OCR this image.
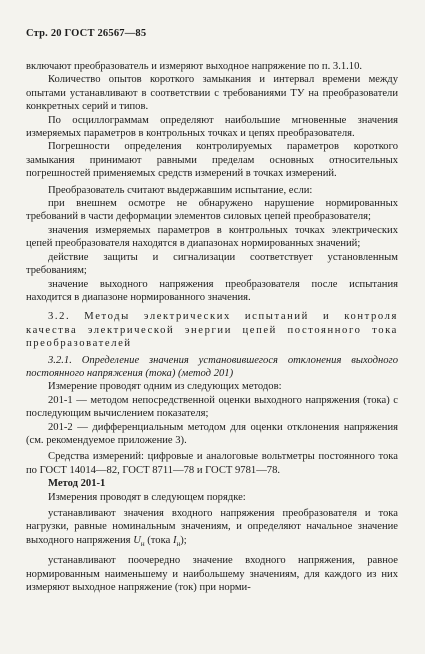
Стр. 20 ГОСТ 26567—85

включают преобразователь и измеряют выходное напряжение по п. 3.1.10.

Количество опытов короткого замыкания и интервал времени между опытами устанавливают в соответствии с требованиями ТУ на преобразователи конкретных серий и типов.

По осциллограммам определяют наибольшие мгновенные значения измеряемых параметров в контрольных точках и цепях преобразователя.

Погрешности определения контролируемых параметров короткого замыкания принимают равными пределам основных относительных погрешностей применяемых средств измерений в точках измерений.

Преобразователь считают выдержавшим испытание, если:

при внешнем осмотре не обнаружено нарушение нормированных требований в части деформации элементов силовых цепей преобразователя;

значения измеряемых параметров в контрольных точках электрических цепей преобразователя находятся в диапазонах нормированных значений;

действие защиты и сигнализации соответствует установленным требованиям;

значение выходного напряжения преобразователя после испытания находится в диапазоне нормированного значения.

3.2. Методы электрических испытаний и контроля качества электрической энергии цепей постоянного тока преобразователей

3.2.1. Определение значения установившегося отклонения выходного постоянного напряжения (тока) (метод 201)

Измерение проводят одним из следующих методов:

201-1 — методом непосредственной оценки выходного напряжения (тока) с последующим вычислением показателя;

201-2 — дифференциальным методом для оценки отклонения напряжения (см. рекомендуемое приложение 3).

Средства измерений: цифровые и аналоговые вольтметры постоянного тока по ГОСТ 14014—82, ГОСТ 8711—78 и ГОСТ 9781—78.

Метод 201-1

Измерения проводят в следующем порядке:

устанавливают значения входного напряжения преобразователя и тока нагрузки, равные номинальным значениям, и определяют начальное значение выходного напряжения $U_н$ (тока $I_н$);

устанавливают поочередно значение входного напряжения, равное нормированным наименьшему и наибольшему значениям, для каждого из них измеряют выходное напряжение (ток) при норми-
